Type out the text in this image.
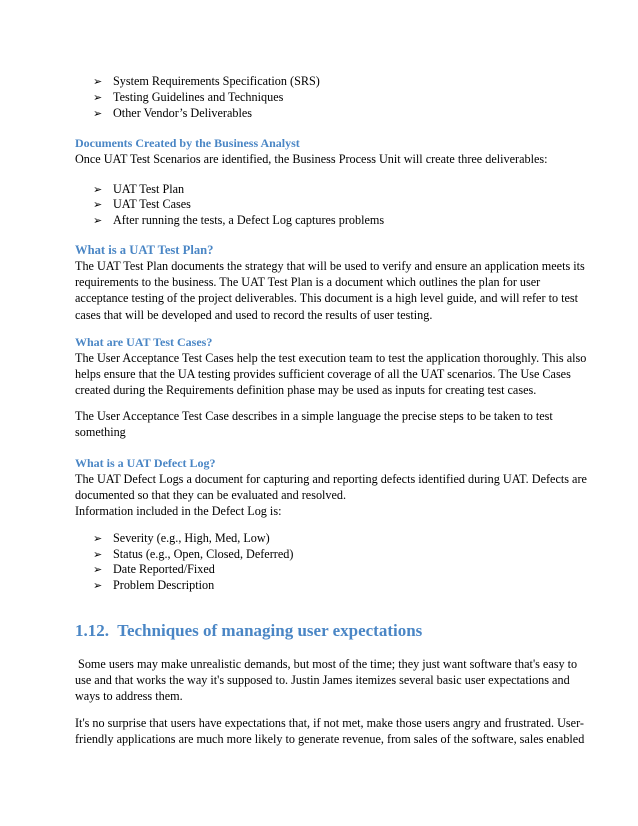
➢ System Requirements Specification (SRS)
➢ Testing Guidelines and Techniques
➢ Other Vendor’s Deliverables
Documents Created by the Business Analyst
Once UAT Test Scenarios are identified, the Business Process Unit will create three deliverables:
➢ UAT Test Plan
➢ UAT Test Cases
➢ After running the tests, a Defect Log captures problems
What is a UAT Test Plan?
The UAT Test Plan documents the strategy that will be used to verify and ensure an application meets its
requirements to the business. The UAT Test Plan is a document which outlines the plan for user
acceptance testing of the project deliverables. This document is a high level guide, and will refer to test
cases that will be developed and used to record the results of user testing.
What are UAT Test Cases?
The User Acceptance Test Cases help the test execution team to test the application thoroughly. This also
helps ensure that the UA testing provides sufficient coverage of all the UAT scenarios. The Use Cases
created during the Requirements definition phase may be used as inputs for creating test cases.
The User Acceptance Test Case describes in a simple language the precise steps to be taken to test
something
What is a UAT Defect Log?
The UAT Defect Logs a document for capturing and reporting defects identified during UAT. Defects are
documented so that they can be evaluated and resolved.
Information included in the Defect Log is:
➢ Severity (e.g., High, Med, Low)
➢ Status (e.g., Open, Closed, Deferred)
➢ Date Reported/Fixed
➢ Problem Description
1.12.  Techniques of managing user expectations
Some users may make unrealistic demands, but most of the time; they just want software that's easy to
use and that works the way it's supposed to. Justin James itemizes several basic user expectations and
ways to address them.
It's no surprise that users have expectations that, if not met, make those users angry and frustrated. User-
friendly applications are much more likely to generate revenue, from sales of the software, sales enabled
